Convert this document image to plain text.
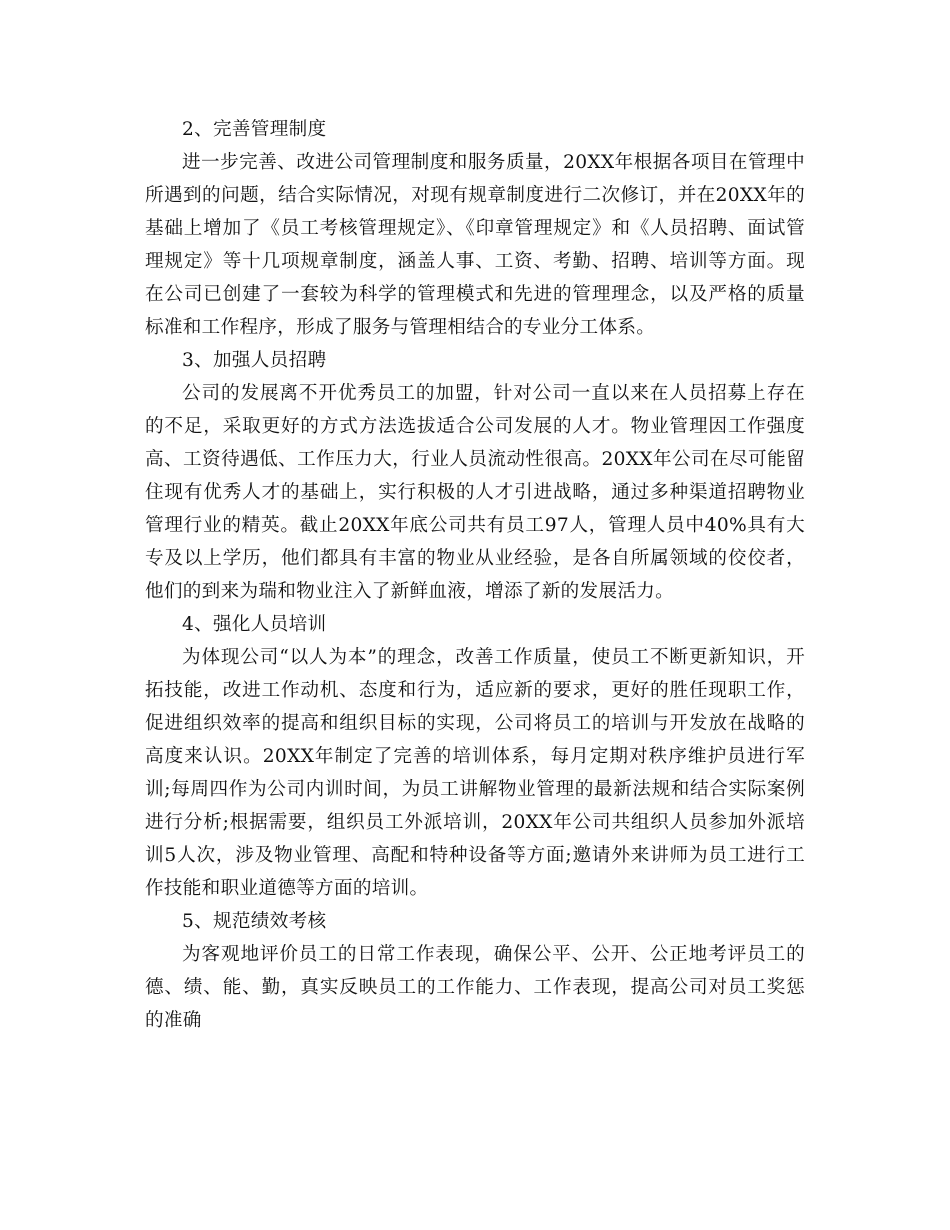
2、完善管理制度

进一步完善、改进公司管理制度和服务质量，20XX年根据各项目在管理中所遇到的问题，结合实际情况，对现有规章制度进行二次修订，并在20XX年的基础上增加了《员工考核管理规定》、《印章管理规定》和《人员招聘、面试管理规定》等十几项规章制度，涵盖人事、工资、考勤、招聘、培训等方面。现在公司已创建了一套较为科学的管理模式和先进的管理理念，以及严格的质量标准和工作程序，形成了服务与管理相结合的专业分工体系。

3、加强人员招聘

公司的发展离不开优秀员工的加盟，针对公司一直以来在人员招募上存在的不足，采取更好的方式方法选拔适合公司发展的人才。物业管理因工作强度高、工资待遇低、工作压力大，行业人员流动性很高。20XX年公司在尽可能留住现有优秀人才的基础上，实行积极的人才引进战略，通过多种渠道招聘物业管理行业的精英。截止20XX年底公司共有员工97人，管理人员中40%具有大专及以上学历，他们都具有丰富的物业从业经验，是各自所属领域的佼佼者，他们的到来为瑞和物业注入了新鲜血液，增添了新的发展活力。

4、强化人员培训

为体现公司“以人为本”的理念，改善工作质量，使员工不断更新知识，开拓技能，改进工作动机、态度和行为，适应新的要求，更好的胜任现职工作，促进组织效率的提高和组织目标的实现，公司将员工的培训与开发放在战略的高度来认识。20XX年制定了完善的培训体系，每月定期对秩序维护员进行军训;每周四作为公司内训时间，为员工讲解物业管理的最新法规和结合实际案例进行分析;根据需要，组织员工外派培训，20XX年公司共组织人员参加外派培训5人次，涉及物业管理、高配和特种设备等方面;邀请外来讲师为员工进行工作技能和职业道德等方面的培训。

5、规范绩效考核

为客观地评价员工的日常工作表现，确保公平、公开、公正地考评员工的德、绩、能、勤，真实反映员工的工作能力、工作表现，提高公司对员工奖惩的准确
